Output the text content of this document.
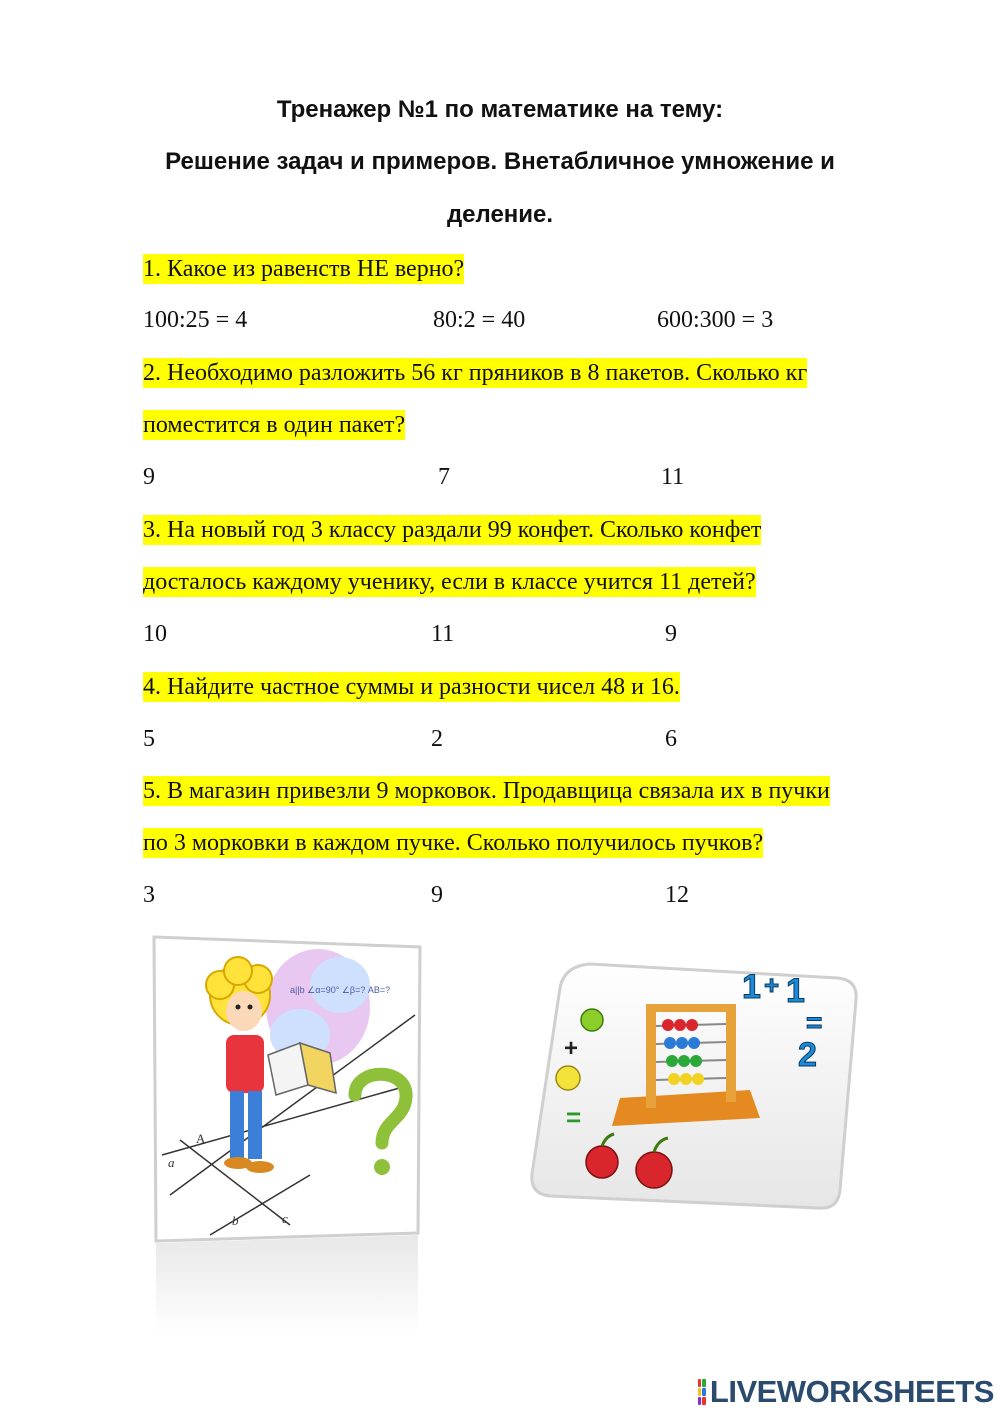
Тренажер №1 по математике на тему:
Решение задач и примеров. Внетабличное умножение и
деление.
1. Какое из равенств НЕ верно?
100:25 = 4	80:2 = 40	600:300 = 3
2. Необходимо разложить 56 кг пряников в 8 пакетов. Сколько кг
поместится в один пакет?
9	7	11
3. На новый год 3 классу раздали 99 конфет. Сколько конфет
досталось каждому ученику, если в классе учится 11 детей?
10	11	9
4. Найдите частное суммы и разности чисел 48 и 16.
5	2	6
5. В магазин привезли 9 морковок. Продавщица связала их в пучки
по 3 морковки в каждом пучке. Сколько получилось пучков?
3	9	12
a
A
b	c
a||b ∠α=90° ∠β=? AB=?	1 + 1
=
2
+
=
LIVEWORKSHEETS
